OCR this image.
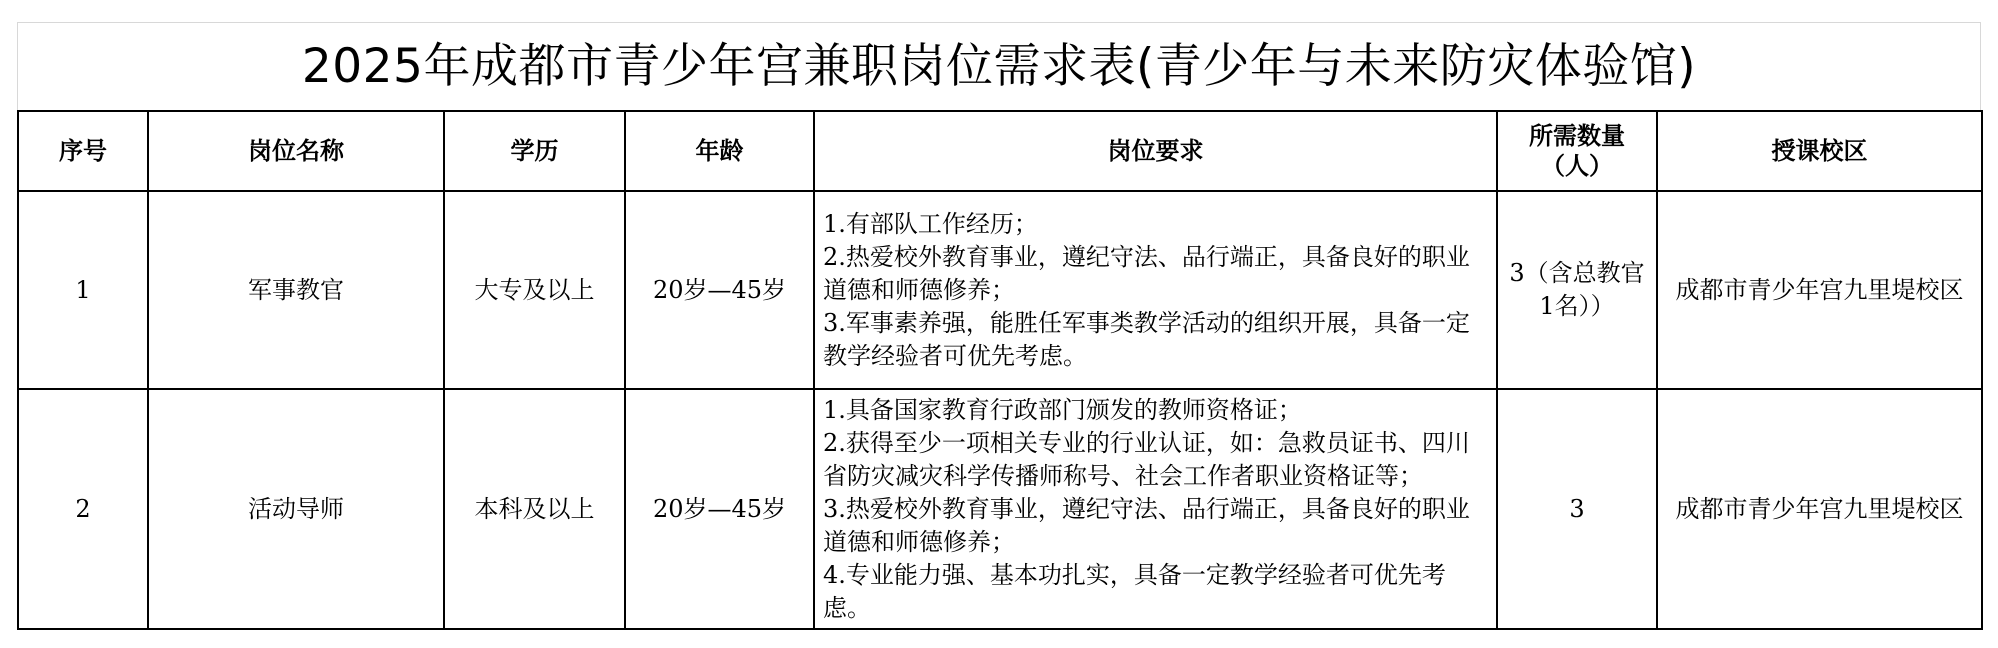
2025年成都市青少年宫兼职岗位需求表(青少年与未来防灾体验馆)
序号	岗位名称	学历	年龄	岗位要求	所需数量（人）	授课校区
1	军事教官	大专及以上	20岁—45岁	1.有部队工作经历；
2.热爱校外教育事业，遵纪守法、品行端正，具备良好的职业道德和师德修养；
3.军事素养强，能胜任军事类教学活动的组织开展，具备一定教学经验者可优先考虑。	3（含总教官1名））	成都市青少年宫九里堤校区
2	活动导师	本科及以上	20岁—45岁	1.具备国家教育行政部门颁发的教师资格证；
2.获得至少一项相关专业的行业认证，如：急救员证书、四川省防灾减灾科学传播师称号、社会工作者职业资格证等；
3.热爱校外教育事业，遵纪守法、品行端正，具备良好的职业道德和师德修养；
4.专业能力强、基本功扎实，具备一定教学经验者可优先考虑。	3	成都市青少年宫九里堤校区
